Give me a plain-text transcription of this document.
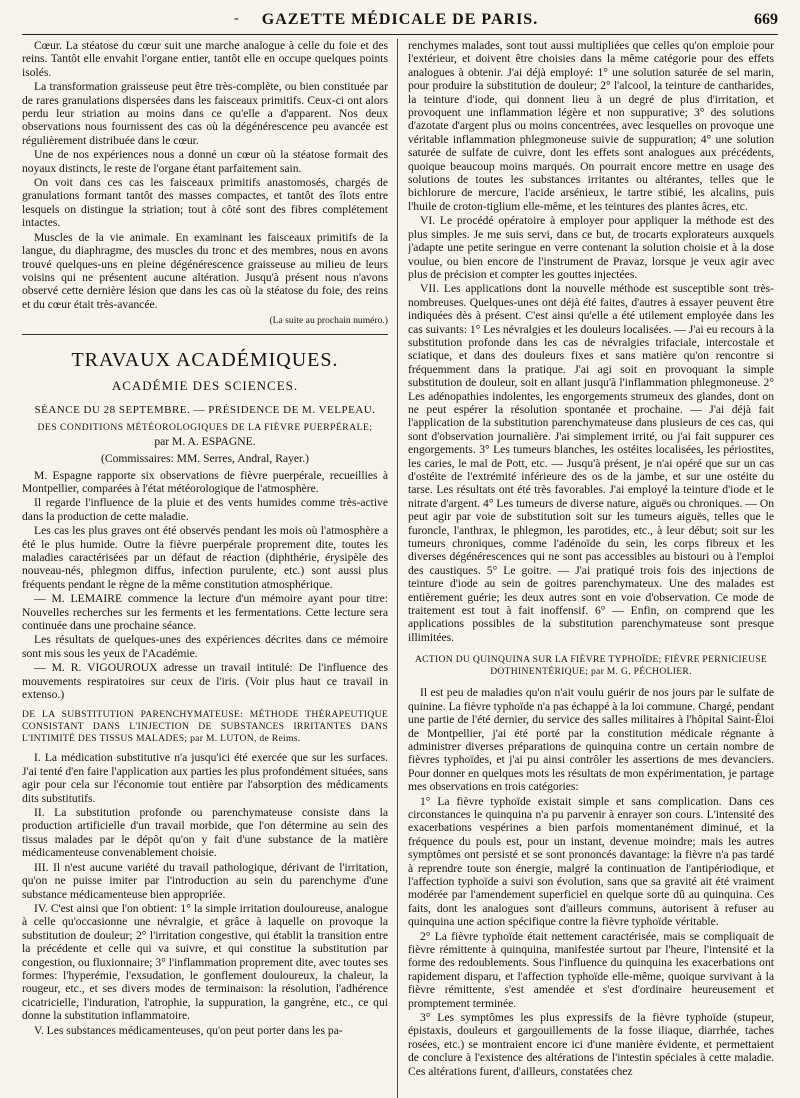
-	GAZETTE MÉDICALE DE PARIS.	669

Cœur. La stéatose du cœur suit une marche analogue à celle du foie et des reins. Tantôt elle envahit l'organe entier, tantôt elle en occupe quelques points isolés.

La transformation graisseuse peut être très-complète, ou bien constituée par de rares granulations dispersées dans les faisceaux primitifs. Ceux-ci ont alors perdu leur striation au moins dans ce qu'elle a d'apparent. Nos deux observations nous fournissent des cas où la dégénérescence peu avancée est régulièrement distribuée dans le cœur.

Une de nos expériences nous a donné un cœur où la stéatose formait des noyaux distincts, le reste de l'organe étant parfaitement sain.

On voit dans ces cas les faisceaux primitifs anastomosés, chargés de granulations formant tantôt des masses compactes, et tantôt des îlots entre lesquels on distingue la striation; tout à côté sont des fibres complétement intactes.

Muscles de la vie animale. En examinant les faisceaux primitifs de la langue, du diaphragme, des muscles du tronc et des membres, nous en avons trouvé quelques-uns en pleine dégénérescence graisseuse au milieu de leurs voisins qui ne présentent aucune altération. Jusqu'à présent nous n'avons observé cette dernière lésion que dans les cas où la stéatose du foie, des reins et du cœur était très-avancée.

(La suite au prochain numéro.)

TRAVAUX ACADÉMIQUES.
ACADÉMIE DES SCIENCES.
SÉANCE DU 28 SEPTEMBRE. — PRÉSIDENCE DE M. VELPEAU.
DES CONDITIONS MÉTÉOROLOGIQUES DE LA FIÈVRE PUERPÉRALE;
par M. A. ESPAGNE.
(Commissaires: MM. Serres, Andral, Rayer.)

M. Espagne rapporte six observations de fièvre puerpérale, recueillies à Montpellier, comparées à l'état météorologique de l'atmosphère.

Il regarde l'influence de la pluie et des vents humides comme très-active dans la production de cette maladie.

Les cas les plus graves ont été observés pendant les mois où l'atmosphère a été le plus humide. Outre la fièvre puerpérale proprement dite, toutes les maladies caractérisées par un défaut de réaction (diphthérie, érysipèle des nouveau-nés, phlegmon diffus, infection purulente, etc.) sont aussi plus fréquents pendant le règne de la même constitution atmosphérique.

— M. LEMAIRE commence la lecture d'un mémoire ayant pour titre: Nouvelles recherches sur les ferments et les fermentations. Cette lecture sera continuée dans une prochaine séance.

Les résultats de quelques-unes des expériences décrites dans ce mémoire sont mis sous les yeux de l'Académie.

— M. R. VIGOUROUX adresse un travail intitulé: De l'influence des mouvements respiratoires sur ceux de l'iris. (Voir plus haut ce travail in extenso.)

DE LA SUBSTITUTION PARENCHYMATEUSE: MÉTHODE THÉRAPEUTIQUE CONSISTANT DANS L'INJECTION DE SUBSTANCES IRRITANTES DANS L'INTIMITÉ DES TISSUS MALADES; par M. LUTON, de Reims.

I. La médication substitutive n'a jusqu'ici été exercée que sur les surfaces. J'ai tenté d'en faire l'application aux parties les plus profondément situées, sans agir pour cela sur l'économie tout entière par l'absorption des médicaments dits substitutifs.

II. La substitution profonde ou parenchymateuse consiste dans la production artificielle d'un travail morbide, que l'on détermine au sein des tissus malades par le dépôt qu'on y fait d'une substance de la matière médicamenteuse convenablement choisie.

III. Il n'est aucune variété du travail pathologique, dérivant de l'irritation, qu'on ne puisse imiter par l'introduction au sein du parenchyme d'une substance médicamenteuse bien appropriée.

IV. C'est ainsi que l'on obtient: 1° la simple irritation douloureuse, analogue à celle qu'occasionne une névralgie, et grâce à laquelle on provoque la substitution de douleur; 2° l'irritation congestive, qui établit la transition entre la précédente et celle qui va suivre, et qui constitue la substitution par congestion, ou fluxionnaire; 3° l'inflammation proprement dite, avec toutes ses formes: l'hyperémie, l'exsudation, le gonflement douloureux, la chaleur, la rougeur, etc., et ses divers modes de terminaison: la résolution, l'adhérence cicatricielle, l'induration, l'atrophie, la suppuration, la gangrène, etc., ce qui donne la substitution inflammatoire.

V. Les substances médicamenteuses, qu'on peut porter dans les pa-

renchymes malades, sont tout aussi multipliées que celles qu'on emploie pour l'extérieur, et doivent être choisies dans la même catégorie pour des effets analogues à obtenir. J'ai déjà employé: 1° une solution saturée de sel marin, pour produire la substitution de douleur; 2° l'alcool, la teinture de cantharides, la teinture d'iode, qui donnent lieu à un degré de plus d'irritation, et provoquent une inflammation légère et non suppurative; 3° des solutions d'azotate d'argent plus ou moins concentrées, avec lesquelles on provoque une véritable inflammation phlegmoneuse suivie de suppuration; 4° une solution saturée de sulfate de cuivre, dont les effets sont analogues aux précédents, quoique beaucoup moins marqués. On pourrait encore mettre en usage des solutions de toutes les substances irritantes ou altérantes, telles que le bichlorure de mercure, l'acide arsénieux, le tartre stibié, les alcalins, puis l'huile de croton-tiglium elle-même, et les teintures des plantes âcres, etc.

VI. Le procédé opératoire à employer pour appliquer la méthode est des plus simples. Je me suis servi, dans ce but, de trocarts explorateurs auxquels j'adapte une petite seringue en verre contenant la solution choisie et à la dose voulue, ou bien encore de l'instrument de Pravaz, lorsque je veux agir avec plus de précision et compter les gouttes injectées.

VII. Les applications dont la nouvelle méthode est susceptible sont très-nombreuses. Quelques-unes ont déjà été faites, d'autres à essayer peuvent être indiquées dès à présent. C'est ainsi qu'elle a été utilement employée dans les cas suivants: 1° Les névralgies et les douleurs localisées. — J'ai eu recours à la substitution profonde dans les cas de névralgies trifaciale, intercostale et sciatique, et dans des douleurs fixes et sans matière qu'on rencontre si fréquemment dans la pratique. J'ai agi soit en provoquant la simple substitution de douleur, soit en allant jusqu'à l'inflammation phlegmoneuse. 2° Les adénopathies indolentes, les engorgements strumeux des glandes, dont on ne peut espérer la résolution spontanée et prochaine. — J'ai déjà fait l'application de la substitution parenchymateuse dans plusieurs de ces cas, qui sont d'observation journalière. J'ai simplement irrité, ou j'ai fait suppurer ces engorgements. 3° Les tumeurs blanches, les ostéites localisées, les périostites, les caries, le mal de Pott, etc. — Jusqu'à présent, je n'ai opéré que sur un cas d'ostéite de l'extrémité inférieure des os de la jambe, et sur une ostéite du tarse. Les résultats ont été très favorables. J'ai employé la teinture d'iode et le nitrate d'argent. 4° Les tumeurs de diverse nature, aiguës ou chroniques. — On peut agir par voie de substitution soit sur les tumeurs aiguës, telles que le furoncle, l'anthrax, le phlegmon, les parotides, etc., à leur début; soit sur les tumeurs chroniques, comme l'adénoïde du sein, les corps fibreux et les diverses dégénérescences qui ne sont pas accessibles au bistouri ou à l'emploi des caustiques. 5° Le goitre. — J'ai pratiqué trois fois des injections de teinture d'iode au sein de goitres parenchymateux. Une des malades est entièrement guérie; les deux autres sont en voie d'observation. Ce mode de traitement est tout à fait inoffensif. 6° — Enfin, on comprend que les applications possibles de la substitution parenchymateuse sont presque illimitées.

ACTION DU QUINQUINA SUR LA FIÈVRE TYPHOÏDE; FIÈVRE PERNICIEUSE DOTHINENTÉRIQUE; par M. G. PÉCHOLIER.

Il est peu de maladies qu'on n'ait voulu guérir de nos jours par le sulfate de quinine. La fièvre typhoïde n'a pas échappé à la loi commune. Chargé, pendant une partie de l'été dernier, du service des salles militaires à l'hôpital Saint-Éloi de Montpellier, j'ai été porté par la constitution médicale régnante à administrer diverses préparations de quinquina contre un certain nombre de fièvres typhoïdes, et j'ai pu ainsi contrôler les assertions de mes devanciers. Pour donner en quelques mots les résultats de mon expérimentation, je partage mes observations en trois catégories:

1° La fièvre typhoïde existait simple et sans complication. Dans ces circonstances le quinquina n'a pu parvenir à enrayer son cours. L'intensité des exacerbations vespérines a bien parfois momentanément diminué, et la fréquence du pouls est, pour un instant, devenue moindre; mais les autres symptômes ont persisté et se sont prononcés davantage: la fièvre n'a pas tardé à reprendre toute son énergie, malgré la continuation de l'antipériodique, et l'affection typhoïde a suivi son évolution, sans que sa gravité ait été vraiment modérée par l'amendement superficiel en quelque sorte dû au quinquina. Ces faits, dont les analogues sont d'ailleurs communs, autorisent à refuser au quinquina une action spécifique contre la fièvre typhoïde véritable.

2° La fièvre typhoïde était nettement caractérisée, mais se compliquait de fièvre rémittente à quinquina, manifestée surtout par l'heure, l'intensité et la forme des redoublements. Sous l'influence du quinquina les exacerbations ont rapidement disparu, et l'affection typhoïde elle-même, quoique survivant à la fièvre rémittente, s'est amendée et s'est d'ordinaire heureusement et promptement terminée.

3° Les symptômes les plus expressifs de la fièvre typhoïde (stupeur, épistaxis, douleurs et gargouillements de la fosse iliaque, diarrhée, taches rosées, etc.) se montraient encore ici d'une manière évidente, et permettaient de conclure à l'existence des altérations de l'intestin spéciales à cette maladie. Ces altérations furent, d'ailleurs, constatées chez
